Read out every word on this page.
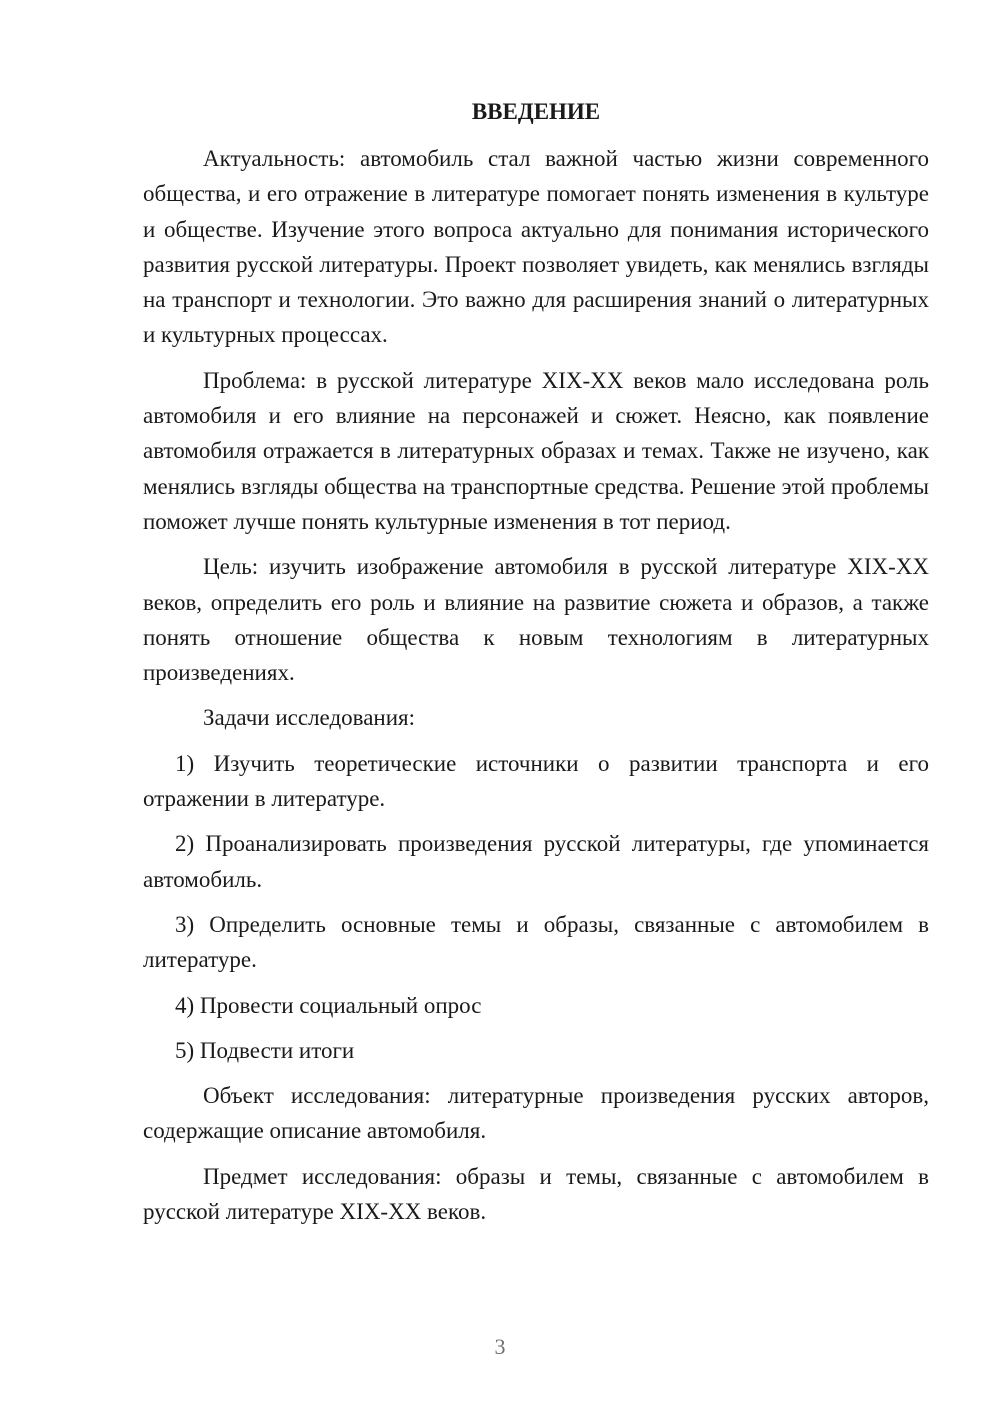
ВВЕДЕНИЕ

Актуальность: автомобиль стал важной частью жизни современного общества, и его отражение в литературе помогает понять изменения в культуре и обществе. Изучение этого вопроса актуально для понимания исторического развития русской литературы. Проект позволяет увидеть, как менялись взгляды на транспорт и технологии. Это важно для расширения знаний о литературных и культурных процессах.

Проблема: в русской литературе XIX-XX веков мало исследована роль автомобиля и его влияние на персонажей и сюжет. Неясно, как появление автомобиля отражается в литературных образах и темах. Также не изучено, как менялись взгляды общества на транспортные средства. Решение этой проблемы поможет лучше понять культурные изменения в тот период.

Цель: изучить изображение автомобиля в русской литературе XIX-XX веков, определить его роль и влияние на развитие сюжета и образов, а также понять отношение общества к новым технологиям в литературных произведениях.

Задачи исследования:

1) Изучить теоретические источники о развитии транспорта и его отражении в литературе.

2) Проанализировать произведения русской литературы, где упоминается автомобиль.

3) Определить основные темы и образы, связанные с автомобилем в литературе.

4) Провести социальный опрос

5) Подвести итоги

Объект исследования: литературные произведения русских авторов, содержащие описание автомобиля.

Предмет исследования: образы и темы, связанные с автомобилем в русской литературе XIX-XX веков.

3
